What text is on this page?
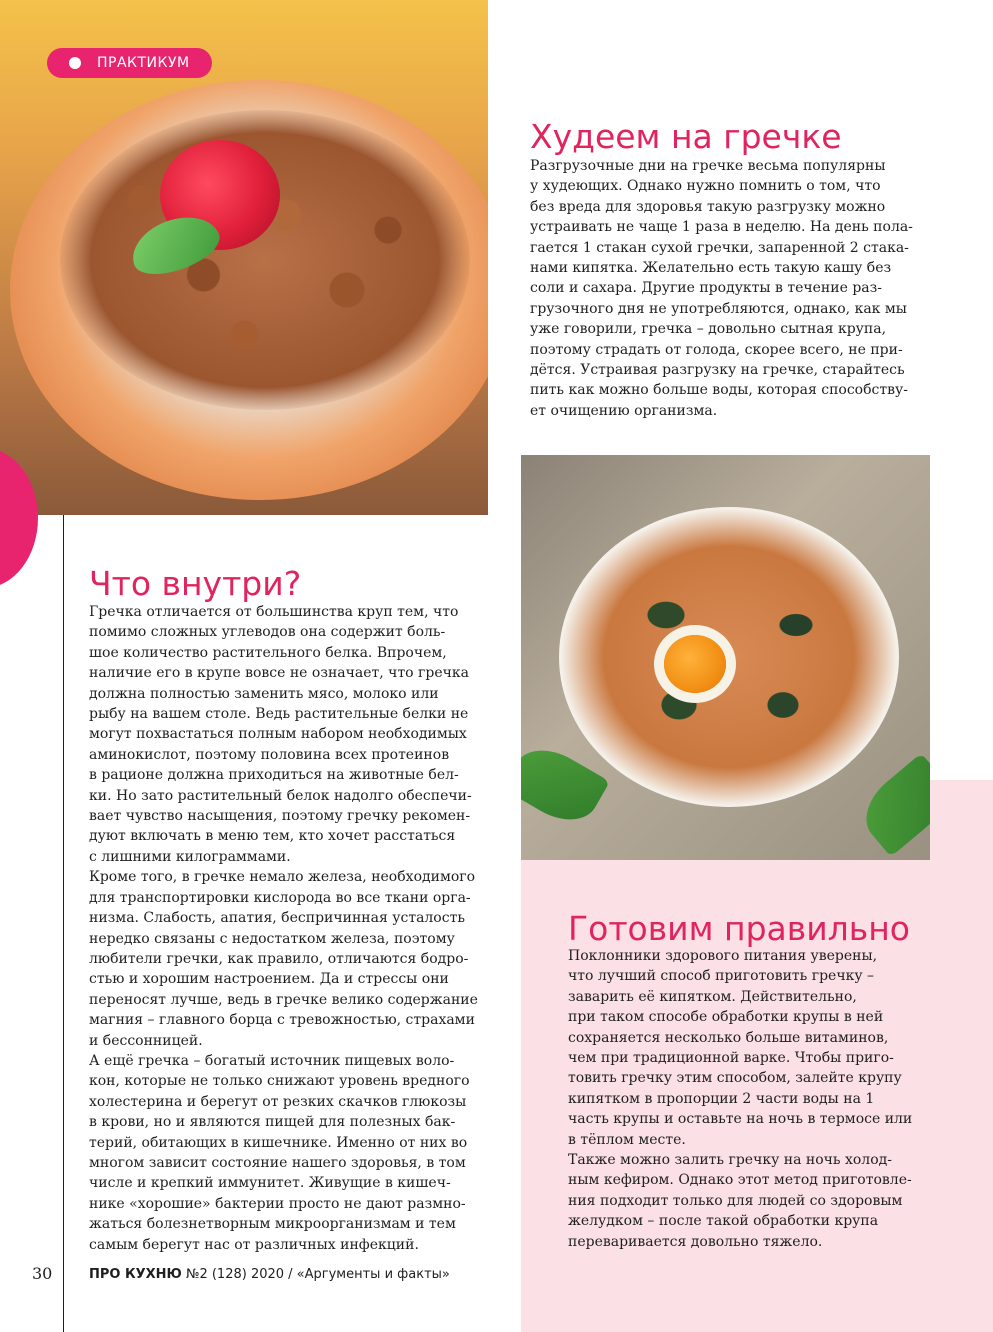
ПРАКТИКУМ
Худеем на гречке
Разгрузочные дни на гречке весьма популярны
у худеющих. Однако нужно помнить о том, что
без вреда для здоровья такую разгрузку можно
устраивать не чаще 1 раза в неделю. На день пола-
гается 1 стакан сухой гречки, запаренной 2 стака-
нами кипятка. Желательно есть такую кашу без
соли и сахара. Другие продукты в течение раз-
грузочного дня не употребляются, однако, как мы
уже говорили, гречка – довольно сытная крупа,
поэтому страдать от голода, скорее всего, не при-
дётся. Устраивая разгрузку на гречке, старайтесь
пить как можно больше воды, которая способству-
ет очищению организма.
Что внутри?
Гречка отличается от большинства круп тем, что
помимо сложных углеводов она содержит боль-
шое количество растительного белка. Впрочем,
наличие его в крупе вовсе не означает, что гречка
должна полностью заменить мясо, молоко или
рыбу на вашем столе. Ведь растительные белки не
могут похвастаться полным набором необходимых
аминокислот, поэтому половина всех протеинов
в рационе должна приходиться на животные бел-
ки. Но зато растительный белок надолго обеспечи-
вает чувство насыщения, поэтому гречку рекомен-
дуют включать в меню тем, кто хочет расстаться
с лишними килограммами.
Кроме того, в гречке немало железа, необходимого
для транспортировки кислорода во все ткани орга-
низма. Слабость, апатия, беспричинная усталость
нередко связаны с недостатком железа, поэтому
любители гречки, как правило, отличаются бодро-
стью и хорошим настроением. Да и стрессы они
переносят лучше, ведь в гречке велико содержание
магния – главного борца с тревожностью, страхами
и бессонницей.
А ещё гречка – богатый источник пищевых воло-
кон, которые не только снижают уровень вредного
холестерина и берегут от резких скачков глюкозы
в крови, но и являются пищей для полезных бак-
терий, обитающих в кишечнике. Именно от них во
многом зависит состояние нашего здоровья, в том
числе и крепкий иммунитет. Живущие в кишеч-
нике «хорошие» бактерии просто не дают размно-
жаться болезнетворным микроорганизмам и тем
самым берегут нас от различных инфекций.
Готовим правильно
Поклонники здорового питания уверены,
что лучший способ приготовить гречку –
заварить её кипятком. Действительно,
при таком способе обработки крупы в ней
сохраняется несколько больше витаминов,
чем при традиционной варке. Чтобы приго-
товить гречку этим способом, залейте крупу
кипятком в пропорции 2 части воды на 1
часть крупы и оставьте на ночь в термосе или
в тёплом месте.
Также можно залить гречку на ночь холод-
ным кефиром. Однако этот метод приготовле-
ния подходит только для людей со здоровым
желудком – после такой обработки крупа
переваривается довольно тяжело.
30	ПРО КУХНЮ №2 (128) 2020 / «Аргументы и факты»
